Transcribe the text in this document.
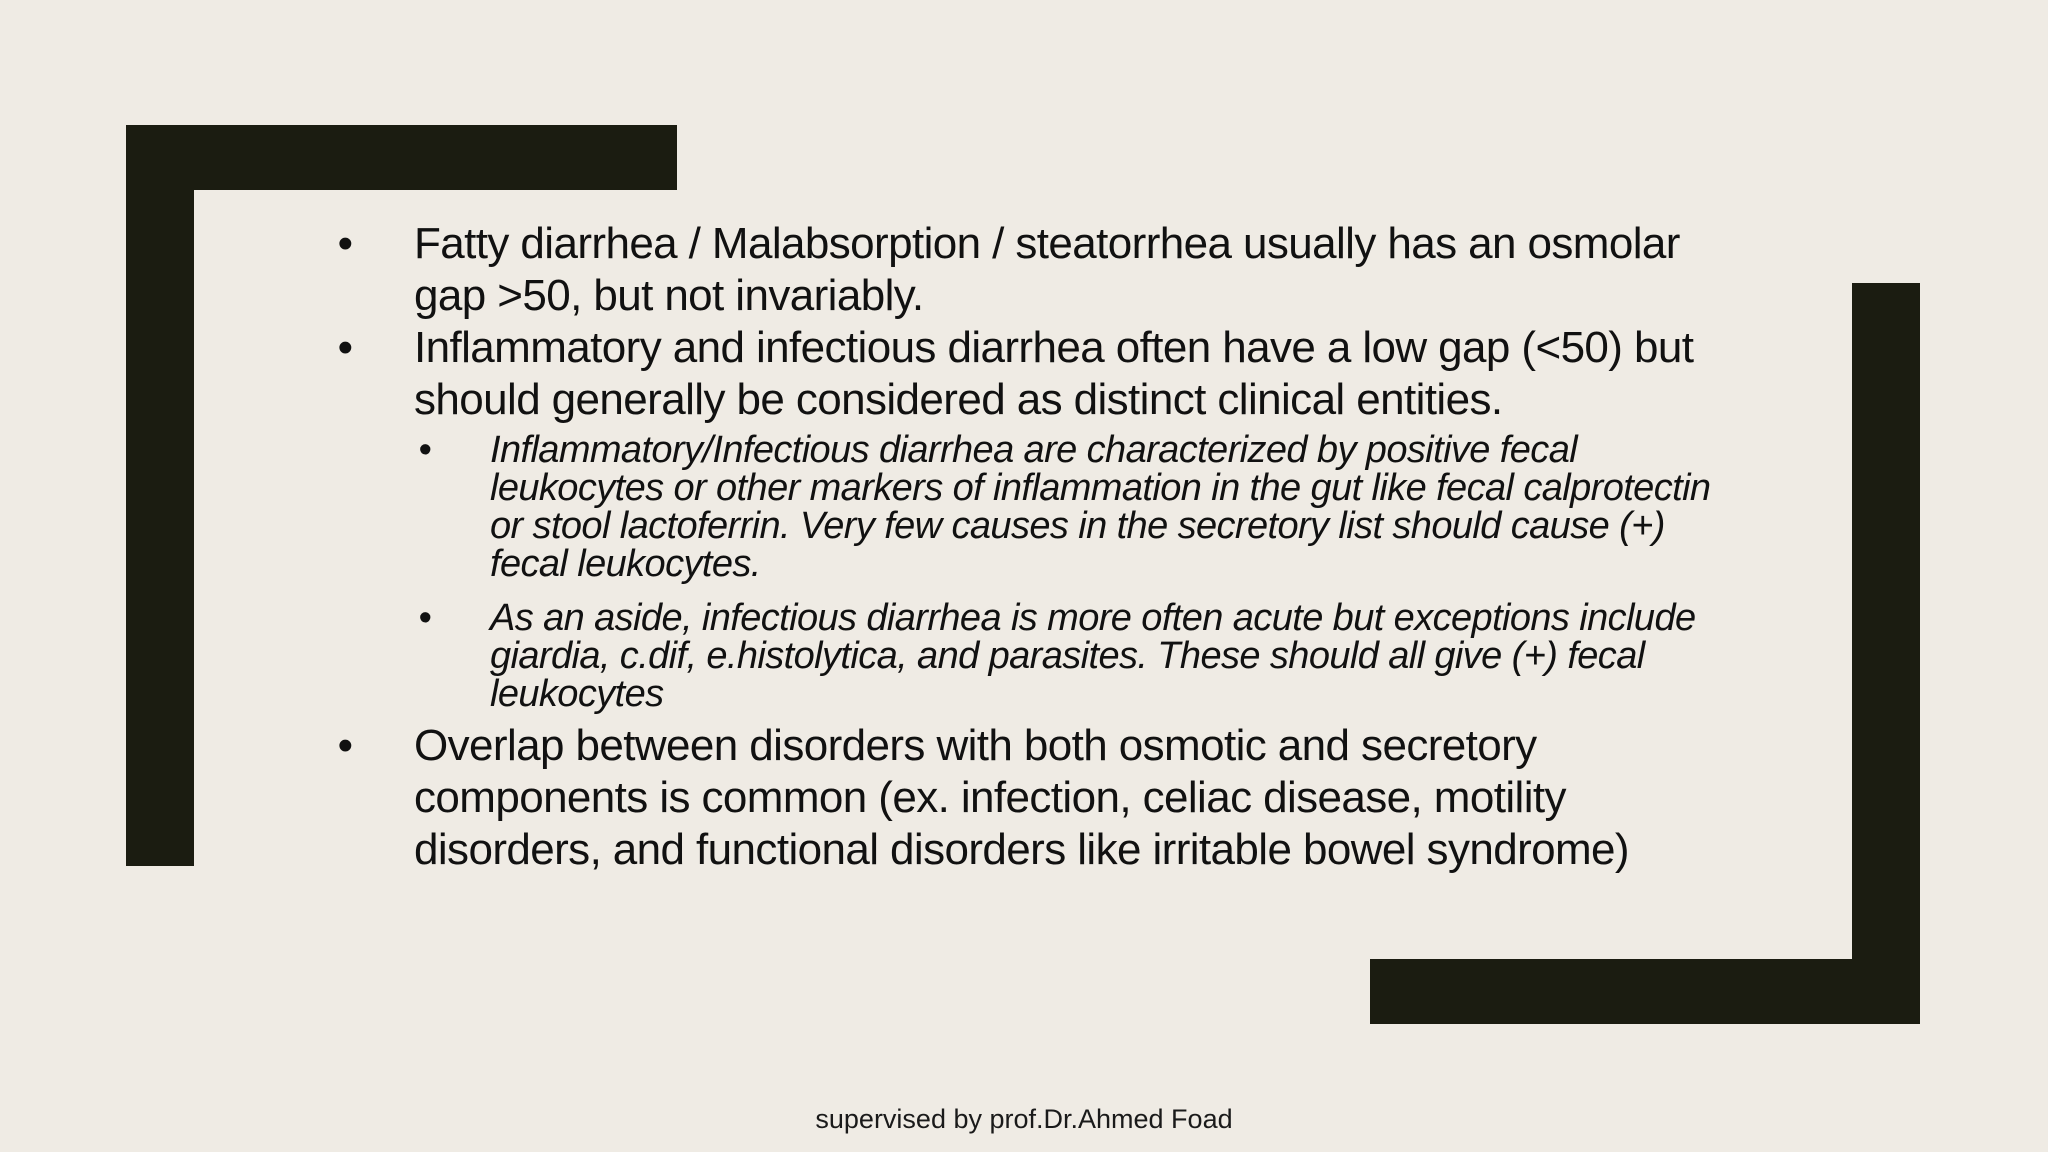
• Fatty diarrhea / Malabsorption / steatorrhea usually has an osmolar gap >50, but not invariably.
• Inflammatory and infectious diarrhea often have a low gap (<50) but should generally be considered as distinct clinical entities.
• Inflammatory/Infectious diarrhea are characterized by positive fecal leukocytes or other markers of inflammation in the gut like fecal calprotectin or stool lactoferrin. Very few causes in the secretory list should cause (+) fecal leukocytes.
• As an aside, infectious diarrhea is more often acute but exceptions include giardia, c.dif, e.histolytica, and parasites. These should all give (+) fecal leukocytes
• Overlap between disorders with both osmotic and secretory components is common (ex. infection, celiac disease, motility disorders, and functional disorders like irritable bowel syndrome)
supervised by prof.Dr.Ahmed Foad
